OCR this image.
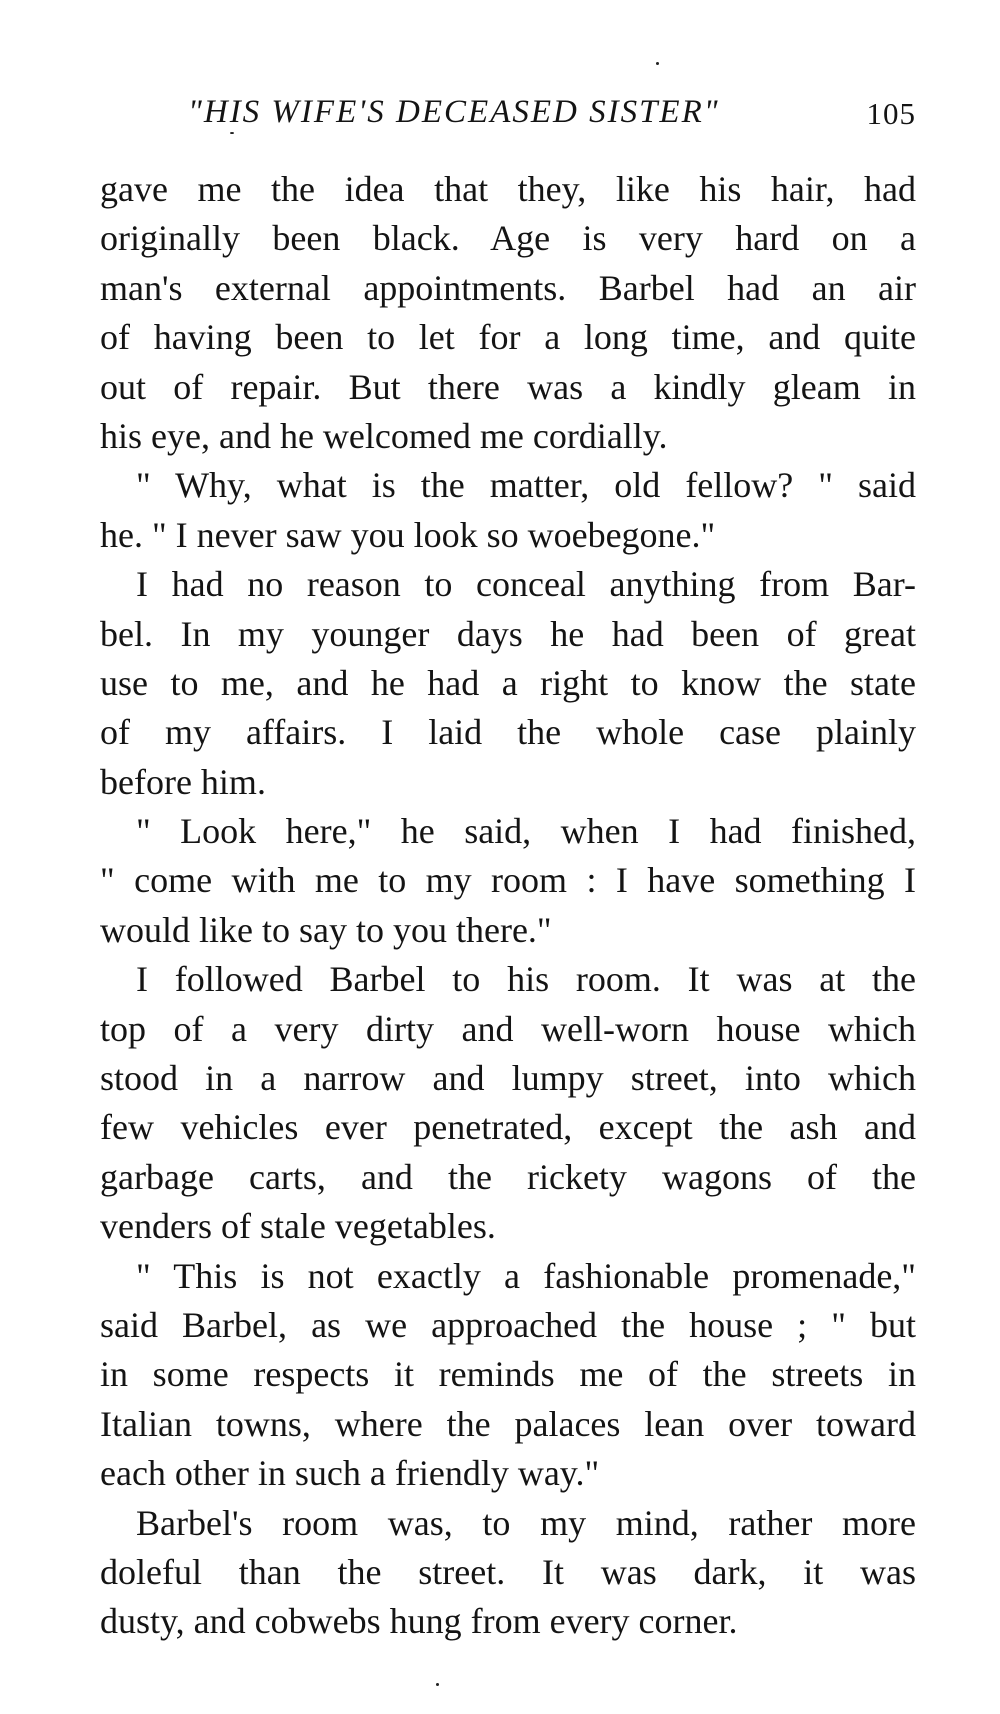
"HIS WIFE'S DECEASED SISTER"	105
gave me the idea that they, like his hair, had
originally been black. Age is very hard on a
man's external appointments. Barbel had an air
of having been to let for a long time, and quite
out of repair. But there was a kindly gleam in
his eye, and he welcomed me cordially.
" Why, what is the matter, old fellow? " said
he. " I never saw you look so woebegone."
I had no reason to conceal anything from Bar-
bel. In my younger days he had been of great
use to me, and he had a right to know the state
of my affairs. I laid the whole case plainly
before him.
" Look here," he said, when I had finished,
" come with me to my room : I have something I
would like to say to you there."
I followed Barbel to his room. It was at the
top of a very dirty and well-worn house which
stood in a narrow and lumpy street, into which
few vehicles ever penetrated, except the ash and
garbage carts, and the rickety wagons of the
venders of stale vegetables.
" This is not exactly a fashionable promenade,"
said Barbel, as we approached the house ; " but
in some respects it reminds me of the streets in
Italian towns, where the palaces lean over toward
each other in such a friendly way."
Barbel's room was, to my mind, rather more
doleful than the street. It was dark, it was
dusty, and cobwebs hung from every corner.
